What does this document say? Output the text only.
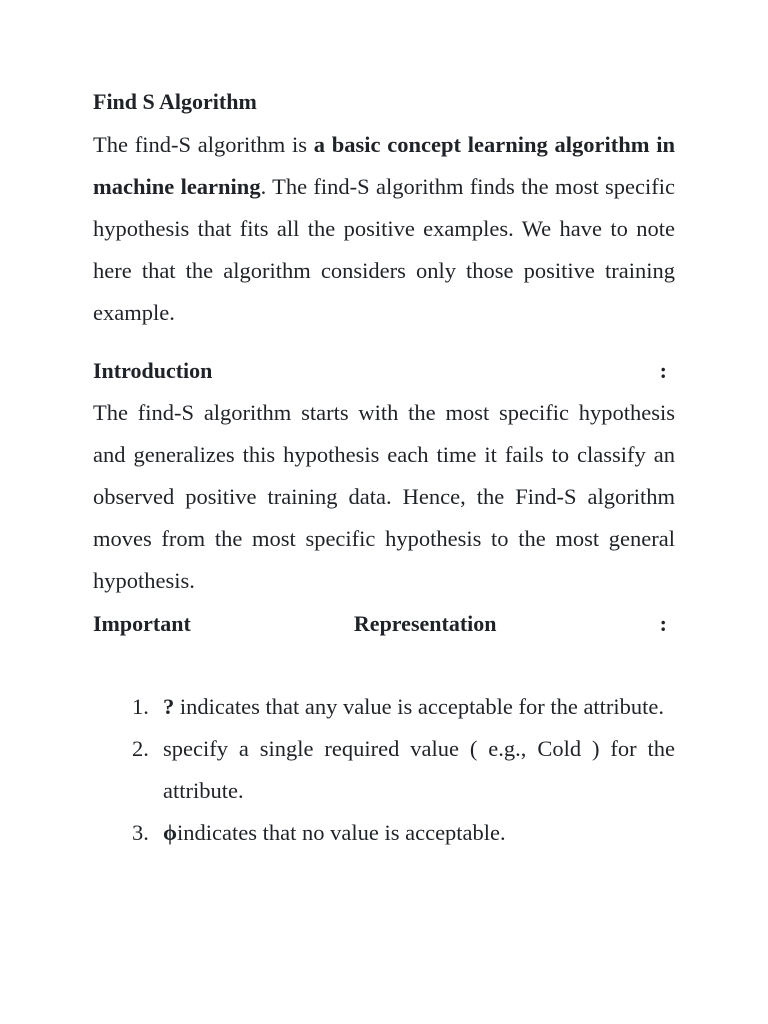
Find S Algorithm
The find-S algorithm is a basic concept learning algorithm in machine learning. The find-S algorithm finds the most specific hypothesis that fits all the positive examples. We have to note here that the algorithm considers only those positive training example.
Introduction	:
The find-S algorithm starts with the most specific hypothesis and generalizes this hypothesis each time it fails to classify an observed positive training data. Hence, the Find-S algorithm moves from the most specific hypothesis to the most general hypothesis.
Important	Representation	:
1. ? indicates that any value is acceptable for the attribute.
2. specify a single required value ( e.g., Cold ) for the attribute.
3. ϕindicates that no value is acceptable.
